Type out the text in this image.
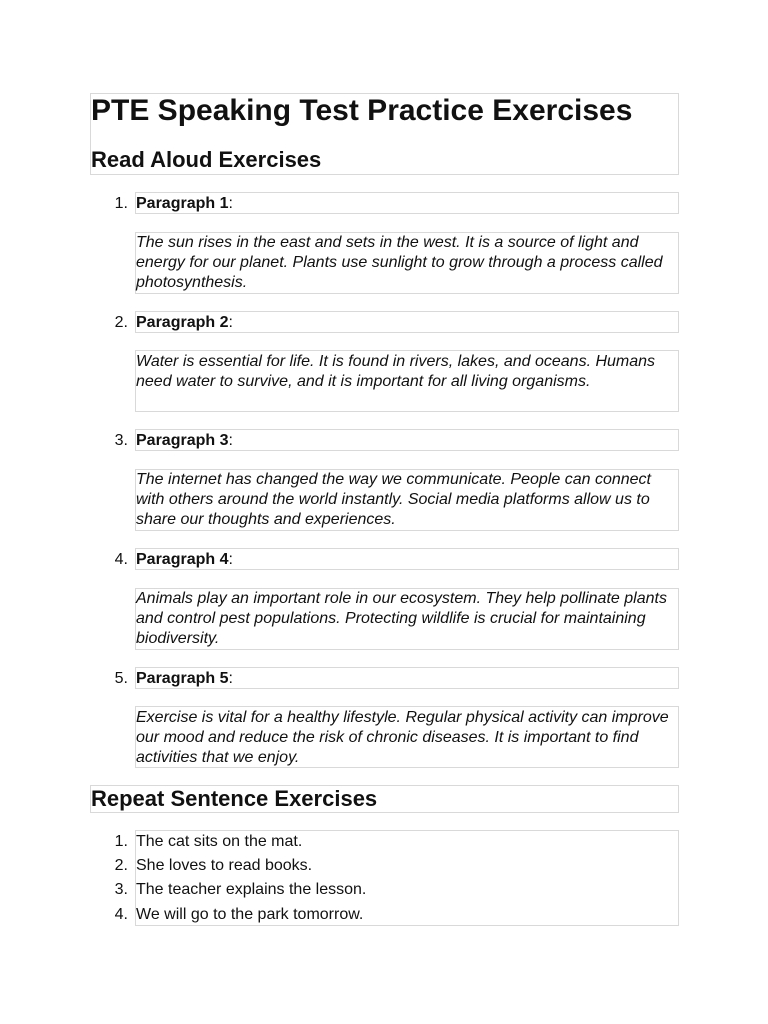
PTE Speaking Test Practice Exercises
Read Aloud Exercises
1. Paragraph 1:

The sun rises in the east and sets in the west. It is a source of light and energy for our planet. Plants use sunlight to grow through a process called photosynthesis.

2. Paragraph 2:

Water is essential for life. It is found in rivers, lakes, and oceans. Humans need water to survive, and it is important for all living organisms.

3. Paragraph 3:

The internet has changed the way we communicate. People can connect with others around the world instantly. Social media platforms allow us to share our thoughts and experiences.

4. Paragraph 4:

Animals play an important role in our ecosystem. They help pollinate plants and control pest populations. Protecting wildlife is crucial for maintaining biodiversity.

5. Paragraph 5:

Exercise is vital for a healthy lifestyle. Regular physical activity can improve our mood and reduce the risk of chronic diseases. It is important to find activities that we enjoy.

Repeat Sentence Exercises
1. The cat sits on the mat.
2. She loves to read books.
3. The teacher explains the lesson.
4. We will go to the park tomorrow.
